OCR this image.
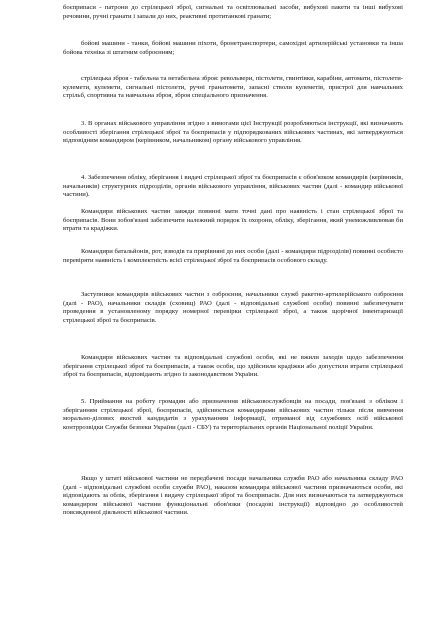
боєприпаси - патрони до стрілецької зброї, сигнальні та освітлювальні засоби, вибухові пакети та інші вибухові речовини, ручні гранати і запали до них, реактивні протитанкові гранати;

бойові машини - танки, бойові машини піхоти, бронетранспортери, самохідні артилерійські установки та інша бойова техніка зі штатним озброєнням;

стрілецька зброя - табельна та нетабельна зброя: револьвери, пістолети, гвинтівки, карабіни, автомати, пістолети-кулемети, кулемети, сигнальні пістолети, ручні гранатомети, запасні стволи кулеметів, пристрої для навчальних стрільб, спортивна та навчальна зброя, зброя спеціального призначення.

3. В органах військового управління згідно з вимогами цієї Інструкції розробляються інструкції, які визначають особливості зберігання стрілецької зброї та боєприпасів у підпорядкованих військових частинах, які затверджуються відповідним командиром (керівником, начальником) органу військового управління.

4. Забезпечення обліку, зберігання і видачі стрілецької зброї та боєприпасів є обов'язком командирів (керівників, начальників) структурних підрозділів, органів військового управління, військових частин (далі - командир військової частини).

Командири військових частин завжди повинні мати точні дані про наявність і стан стрілецької зброї та боєприпасів. Вони зобов'язані забезпечити належний порядок їх охорони, обліку, зберігання, який унеможливлював би втрати та крадіжки.

Командири батальйонів, рот, взводів та прирівняні до них особи (далі - командири підрозділів) повинні особисто перевіряти наявність і комплектність всієї стрілецької зброї та боєприпасів особового складу.

Заступники командирів військових частин з озброєння, начальники служб ракетно-артилерійського озброєння (далі - РАО), начальники складів (сховищ) РАО (далі - відповідальні службові особи) повинні забезпечувати проведення в установленому порядку номерної перевірки стрілецької зброї, а також щорічної інвентаризації стрілецької зброї та боєприпасів.

Командири військових частин та відповідальні службові особи, які не вжили заходів щодо забезпечення зберігання стрілецької зброї та боєприпасів, а також особи, що здійснили крадіжки або допустили втрати стрілецької зброї та боєприпасів, відповідають згідно із законодавством України.

5. Приймання на роботу громадян або призначення військовослужбовців на посади, пов'язані з обліком і зберіганням стрілецької зброї, боєприпасів, здійснюється командирами військових частин тільки після вивчення морально-ділових якостей кандидатів з урахуванням інформації, отриманої від службових осіб військової контррозвідки Служби безпеки України (далі - СБУ) та територіальних органів Національної поліції України.

Якщо у штаті військової частини не передбачені посади начальника служби РАО або начальника складу РАО (далі - відповідальні службові особи служби РАО), наказом командира військової частини призначаються особи, які відповідають за облік, зберігання і видачу стрілецької зброї та боєприпасів. Для них визначаються та затверджуються командиром військової частини функціональні обов'язки (посадові інструкції) відповідно до особливостей повсякденної діяльності військової частини.
